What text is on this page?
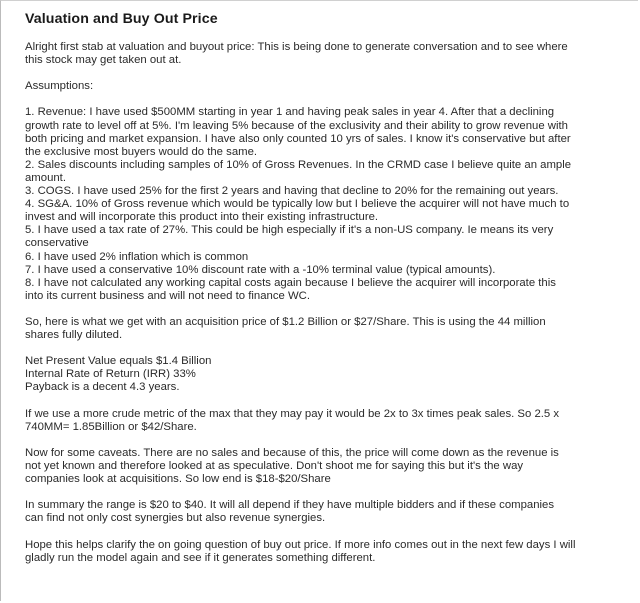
Valuation and Buy Out Price
Alright first stab at valuation and buyout price: This is being done to generate conversation and to see where
this stock may get taken out at.
Assumptions:
1. Revenue: I have used $500MM starting in year 1 and having peak sales in year 4. After that a declining
growth rate to level off at 5%. I'm leaving 5% because of the exclusivity and their ability to grow revenue with
both pricing and market expansion. I have also only counted 10 yrs of sales. I know it's conservative but after
the exclusive most buyers would do the same.
2. Sales discounts including samples of 10% of Gross Revenues. In the CRMD case I believe quite an ample
amount.
3. COGS. I have used 25% for the first 2 years and having that decline to 20% for the remaining out years.
4. SG&A. 10% of Gross revenue which would be typically low but I believe the acquirer will not have much to
invest and will incorporate this product into their existing infrastructure.
5. I have used a tax rate of 27%. This could be high especially if it's a non-US company. Ie means its very
conservative
6. I have used 2% inflation which is common
7. I have used a conservative 10% discount rate with a -10% terminal value (typical amounts).
8. I have not calculated any working capital costs again because I believe the acquirer will incorporate this
into its current business and will not need to finance WC.
So, here is what we get with an acquisition price of $1.2 Billion or $27/Share. This is using the 44 million
shares fully diluted.
Net Present Value equals $1.4 Billion
Internal Rate of Return (IRR) 33%
Payback is a decent 4.3 years.
If we use a more crude metric of the max that they may pay it would be 2x to 3x times peak sales. So 2.5 x
740MM= 1.85Billion or $42/Share.
Now for some caveats. There are no sales and because of this, the price will come down as the revenue is
not yet known and therefore looked at as speculative. Don't shoot me for saying this but it's the way
companies look at acquisitions. So low end is $18-$20/Share
In summary the range is $20 to $40. It will all depend if they have multiple bidders and if these companies
can find not only cost synergies but also revenue synergies.
Hope this helps clarify the on going question of buy out price. If more info comes out in the next few days I will
gladly run the model again and see if it generates something different.
